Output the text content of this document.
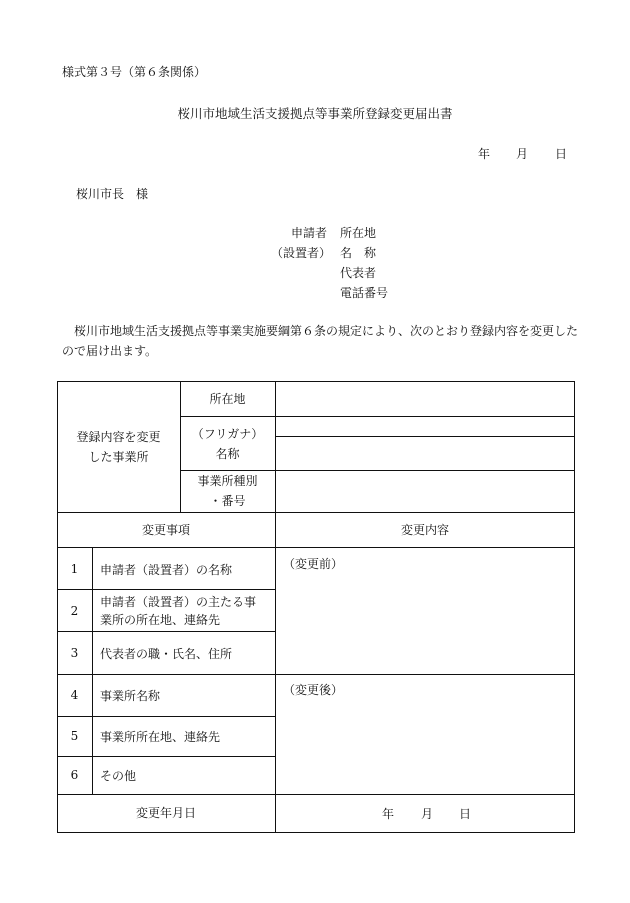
様式第３号（第６条関係）
桜川市地域生活支援拠点等事業所登録変更届出書
年 月 日
桜川市長　様
申請者
（設置者）
所在地
名　称
代表者
電話番号
桜川市地域生活支援拠点等事業実施要綱第６条の規定により、次のとおり登録内容を変更したので届け出ます。
登録内容を変更
した事業所
所在地
（フリガナ）
名称
事業所種別
・番号
変更事項	変更内容
1
2
3
4
5
6
申請者（設置者）の名称
申請者（設置者）の主たる事
業所の所在地、連絡先
代表者の職・氏名、住所
事業所名称
事業所所在地、連絡先
その他
（変更前）
（変更後）
変更年月日	年 月 日
